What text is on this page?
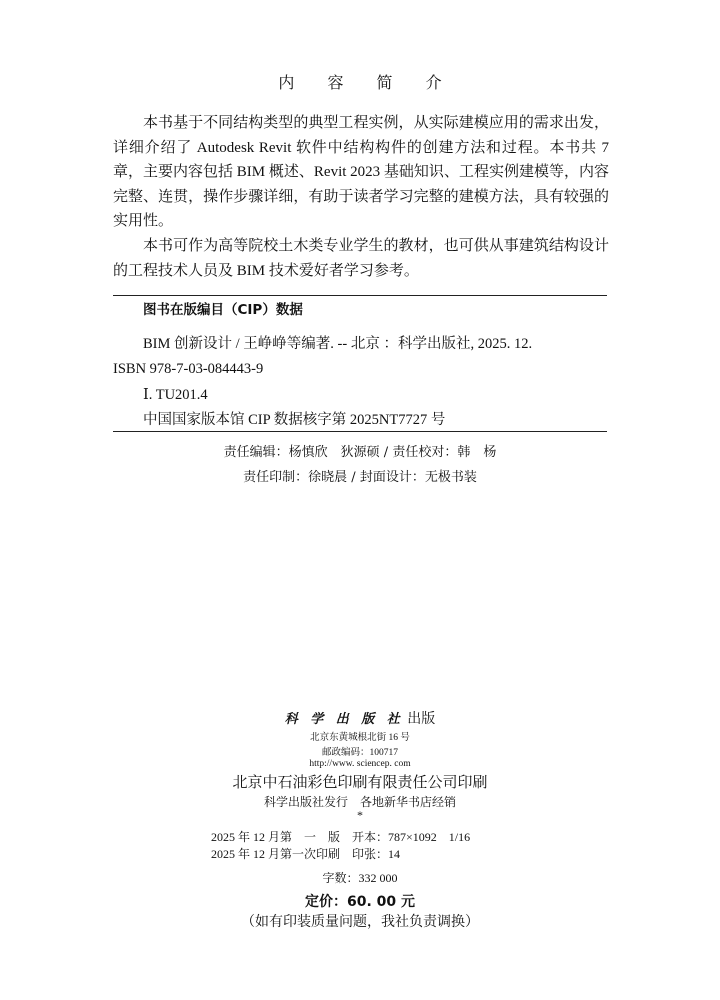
内 容 简 介

本书基于不同结构类型的典型工程实例，从实际建模应用的需求出发，详细介绍了 Autodesk Revit 软件中结构构件的创建方法和过程。本书共 7 章，主要内容包括 BIM 概述、Revit 2023 基础知识、工程实例建模等，内容完整、连贯，操作步骤详细，有助于读者学习完整的建模方法，具有较强的实用性。

本书可作为高等院校土木类专业学生的教材，也可供从事建筑结构设计的工程技术人员及 BIM 技术爱好者学习参考。

图书在版编目（CIP）数据
BIM 创新设计 / 王峥峥等编著. -- 北京 ：科学出版社, 2025. 12.
ISBN 978-7-03-084443-9
Ⅰ. TU201.4
中国国家版本馆 CIP 数据核字第 2025NT7727 号
责任编辑：杨慎欣　狄源硕 / 责任校对：韩　杨
责任印制：徐晓晨 / 封面设计：无极书装
科 学 出 版 社 出版
北京东黄城根北街 16 号
邮政编码：100717
http://www. sciencep. com
北京中石油彩色印刷有限责任公司印刷
科学出版社发行　各地新华书店经销
*
2025 年 12 月第　一　版　开本：787×1092　1/16
2025 年 12 月第一次印刷　印张：14
字数：332 000
定价：60. 00 元
（如有印装质量问题，我社负责调换）
